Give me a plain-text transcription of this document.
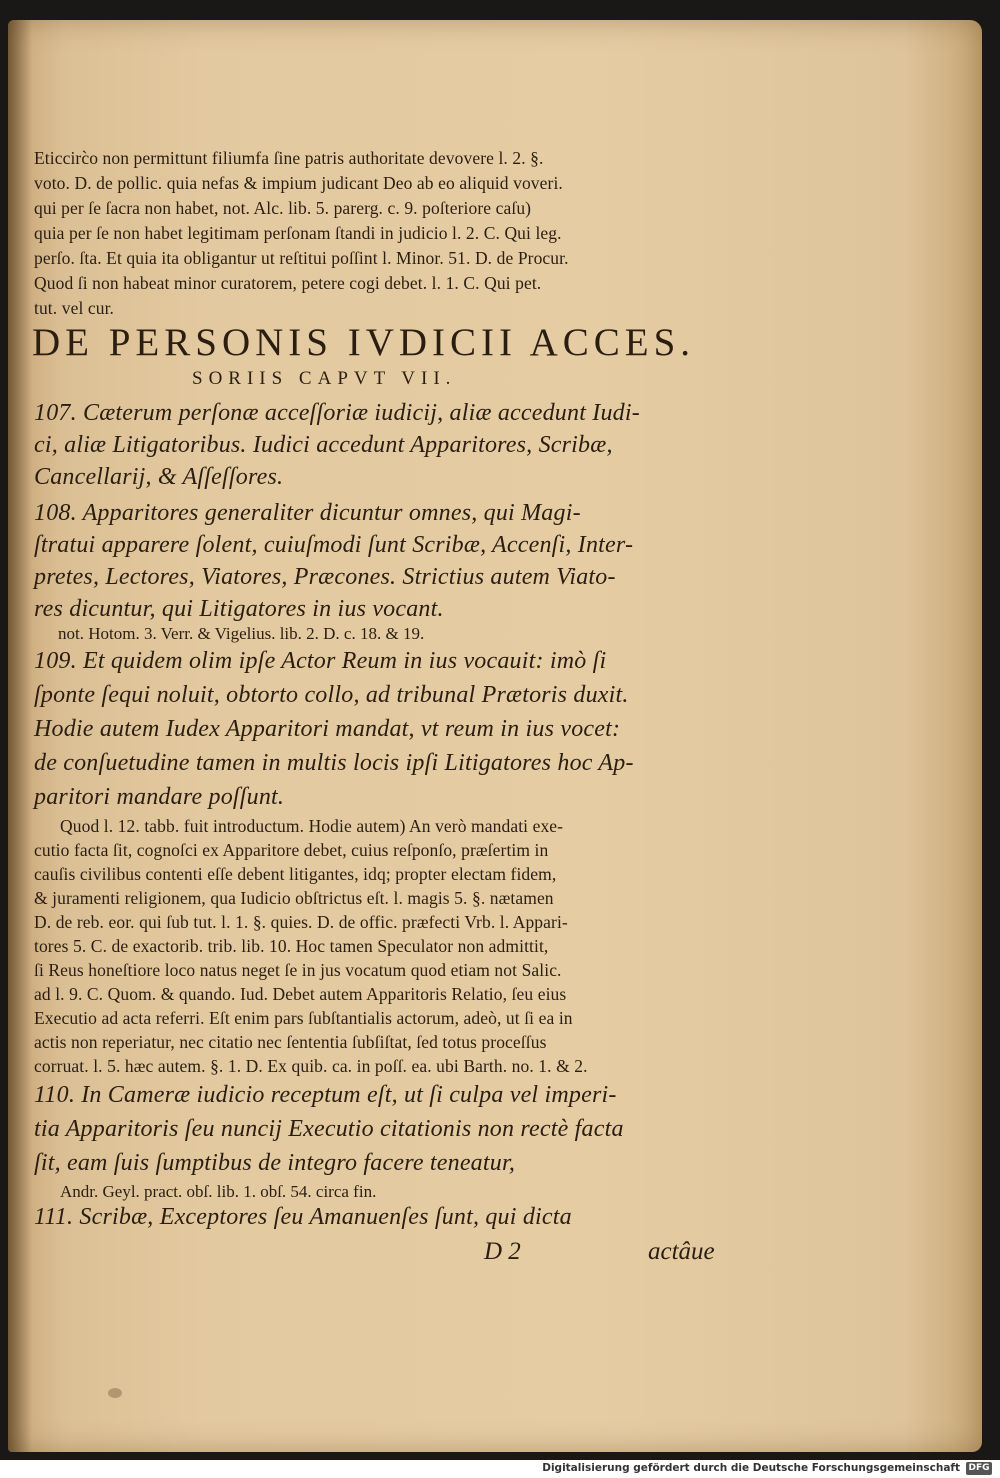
Eticcirc̀o non permittunt filiumfa ſine patris authoritate devovere l. 2. §.

voto. D. de pollic. quia nefas & impium judicant Deo ab eo aliquid voveri.

qui per ſe ſacra non habet, not. Alc. lib. 5. parerg. c. 9. poſteriore caſu)

quia per ſe non habet legitimam perſonam ſtandi in judicio l. 2. C. Qui leg.

perſo. ſta. Et quia ita obligantur ut reſtitui poſſint l. Minor. 51. D. de Procur.

Quod ſi non habeat minor curatorem, petere cogi debet. l. 1. C. Qui pet.

tut. vel cur.

DE PERSONIS IVDICII ACCES.

SORIIS CAPVT VII.

107. Cæterum perſonæ acceſſoriæ iudicij, aliæ accedunt Iudi-

ci, aliæ Litigatoribus. Iudici accedunt Apparitores, Scribæ,

Cancellarij, & Aſſeſſores.

108. Apparitores generaliter dicuntur omnes, qui Magi-

ſtratui apparere ſolent, cuiuſmodi ſunt Scribæ, Accenſi, Inter-

pretes, Lectores, Viatores, Præcones. Strictius autem Viato-

res dicuntur, qui Litigatores in ius vocant.

not. Hotom. 3. Verr. & Vigelius. lib. 2. D. c. 18. & 19.

109. Et quidem olim ipſe Actor Reum in ius vocauit: imò ſi

ſponte ſequi noluit, obtorto collo, ad tribunal Prætoris duxit.

Hodie autem Iudex Apparitori mandat, vt reum in ius vocet:

de conſuetudine tamen in multis locis ipſi Litigatores hoc Ap-

paritori mandare poſſunt.

Quod l. 12. tabb. fuit introductum. Hodie autem) An verò mandati exe-

cutio facta ſit, cognoſci ex Apparitore debet, cuius reſponſo, præſertim in

cauſis civilibus contenti eſſe debent litigantes, idq; propter electam fidem,

& juramenti religionem, qua Iudicio obſtrictus eſt. l. magis 5. §. nætamen

D. de reb. eor. qui ſub tut. l. 1. §. quies. D. de offic. præfecti Vrb. l. Appari-

tores 5. C. de exactorib. trib. lib. 10. Hoc tamen Speculator non admittit,

ſi Reus honeſtiore loco natus neget ſe in jus vocatum quod etiam not Salic.

ad l. 9. C. Quom. & quando. Iud. Debet autem Apparitoris Relatio, ſeu eius

Executio ad acta referri. Eſt enim pars ſubſtantialis actorum, adeò, ut ſi ea in

actis non reperiatur, nec citatio nec ſententia ſubſiſtat, ſed totus proceſſus

corruat. l. 5. hæc autem. §. 1. D. Ex quib. ca. in poſſ. ea. ubi Barth. no. 1. & 2.

110. In Cameræ iudicio receptum eſt, ut ſi culpa vel imperi-

tia Apparitoris ſeu nuncij Executio citationis non rectè facta

ſit, eam ſuis ſumptibus de integro facere teneatur,

Andr. Geyl. pract. obſ. lib. 1. obſ. 54. circa fin.

111. Scribæ, Exceptores ſeu Amanuenſes ſunt, qui dicta

D 2	actâue

Digitalisierung gefördert durch die Deutsche Forschungsgemeinschaft DFG
